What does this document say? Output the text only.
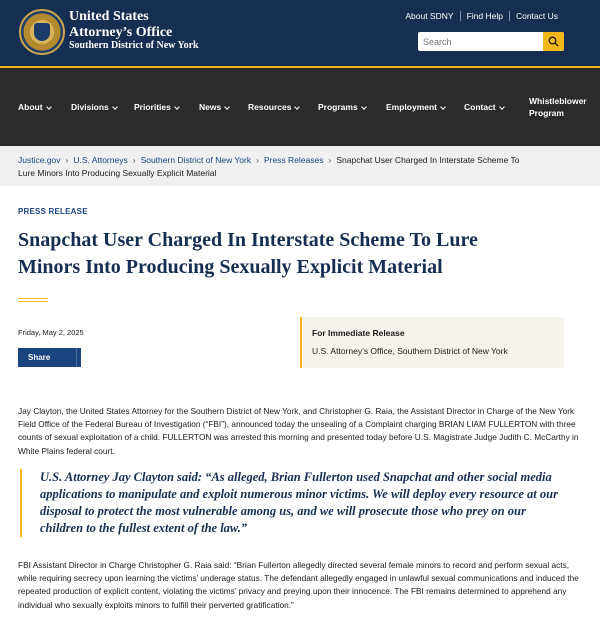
United States
Attorney’s Office
Southern District of New York
About SDNY	Find Help	Contact Us
Search
About	Divisions	Priorities	News	Resources	Programs	Employment	Contact
Whistleblower
Program
Justice.gov › U.S. Attorneys › Southern District of New York › Press Releases › Snapchat User Charged In Interstate Scheme To
Lure Minors Into Producing Sexually Explicit Material
PRESS RELEASE
Snapchat User Charged In Interstate Scheme To Lure
Minors Into Producing Sexually Explicit Material
Friday, May 2, 2025
Share
For Immediate Release
U.S. Attorney’s Office, Southern District of New York
Jay Clayton, the United States Attorney for the Southern District of New York, and Christopher G. Raia, the Assistant Director in Charge of the New York Field Office of the Federal Bureau of Investigation (“FBI”), announced today the unsealing of a Complaint charging BRIAN LIAM FULLERTON with three counts of sexual exploitation of a child. FULLERTON was arrested this morning and presented today before U.S. Magistrate Judge Judith C. McCarthy in White Plains federal court.
U.S. Attorney Jay Clayton said: “As alleged, Brian Fullerton used Snapchat and other social media applications to manipulate and exploit numerous minor victims. We will deploy every resource at our disposal to protect the most vulnerable among us, and we will prosecute those who prey on our children to the fullest extent of the law.”
FBI Assistant Director in Charge Christopher G. Raia said: “Brian Fullerton allegedly directed several female minors to record and perform sexual acts, while requiring secrecy upon learning the victims’ underage status. The defendant allegedly engaged in unlawful sexual communications and induced the repeated production of explicit content, violating the victims’ privacy and preying upon their innocence. The FBI remains determined to apprehend any individual who sexually exploits minors to fulfill their perverted gratification.”
